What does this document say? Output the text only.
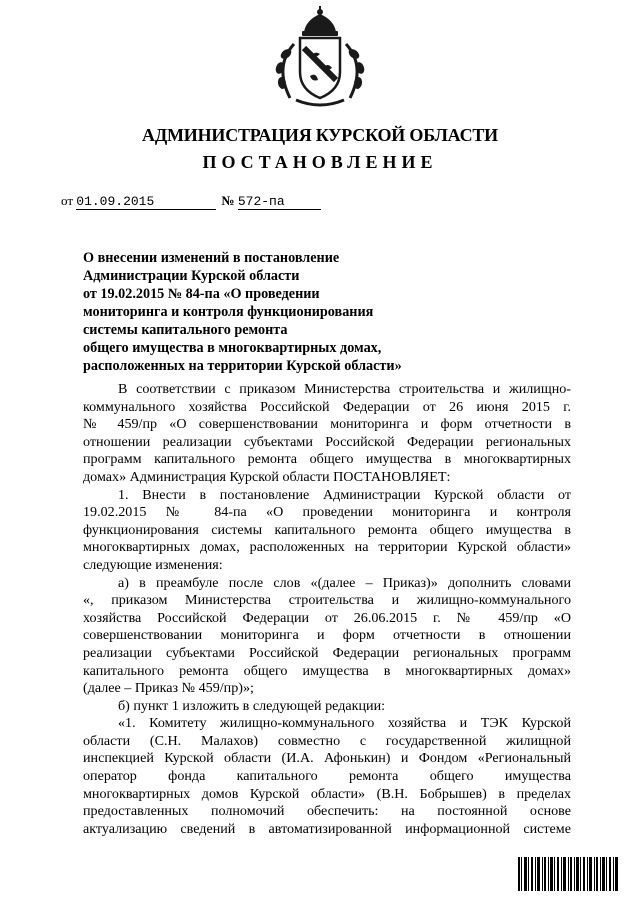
АДМИНИСТРАЦИЯ КУРСКОЙ ОБЛАСТИ
ПОСТАНОВЛЕНИЕ
от 01.09.2015	№ 572-па
О внесении изменений в постановление
Администрации Курской области
от 19.02.2015 № 84-па «О проведении
мониторинга и контроля функционирования
системы капитального ремонта
общего имущества в многоквартирных домах,
расположенных на территории Курской области»
В соответствии с приказом Министерства строительства и жилищно-
коммунального хозяйства Российской Федерации от 26 июня 2015 г.
№ 459/пр «О совершенствовании мониторинга и форм отчетности в
отношении реализации субъектами Российской Федерации региональных
программ капитального ремонта общего имущества в многоквартирных
домах» Администрация Курской области ПОСТАНОВЛЯЕТ:
1. Внести в постановление Администрации Курской области от
19.02.2015 № 84-па «О проведении мониторинга и контроля
функционирования системы капитального ремонта общего имущества в
многоквартирных домах, расположенных на территории Курской области»
следующие изменения:
а) в преамбуле после слов «(далее – Приказ)» дополнить словами
«, приказом Министерства строительства и жилищно-коммунального
хозяйства Российской Федерации от 26.06.2015 г. № 459/пр «О
совершенствовании мониторинга и форм отчетности в отношении
реализации субъектами Российской Федерации региональных программ
капитального ремонта общего имущества в многоквартирных домах»
(далее – Приказ № 459/пр)»;
б) пункт 1 изложить в следующей редакции:
«1. Комитету жилищно-коммунального хозяйства и ТЭК Курской
области (С.Н. Малахов) совместно с государственной жилищной
инспекцией Курской области (И.А. Афонькин) и Фондом «Региональный
оператор фонда капитального ремонта общего имущества
многоквартирных домов Курской области» (В.Н. Бобрышев) в пределах
предоставленных полномочий обеспечить: на постоянной основе
актуализацию сведений в автоматизированной информационной системе
